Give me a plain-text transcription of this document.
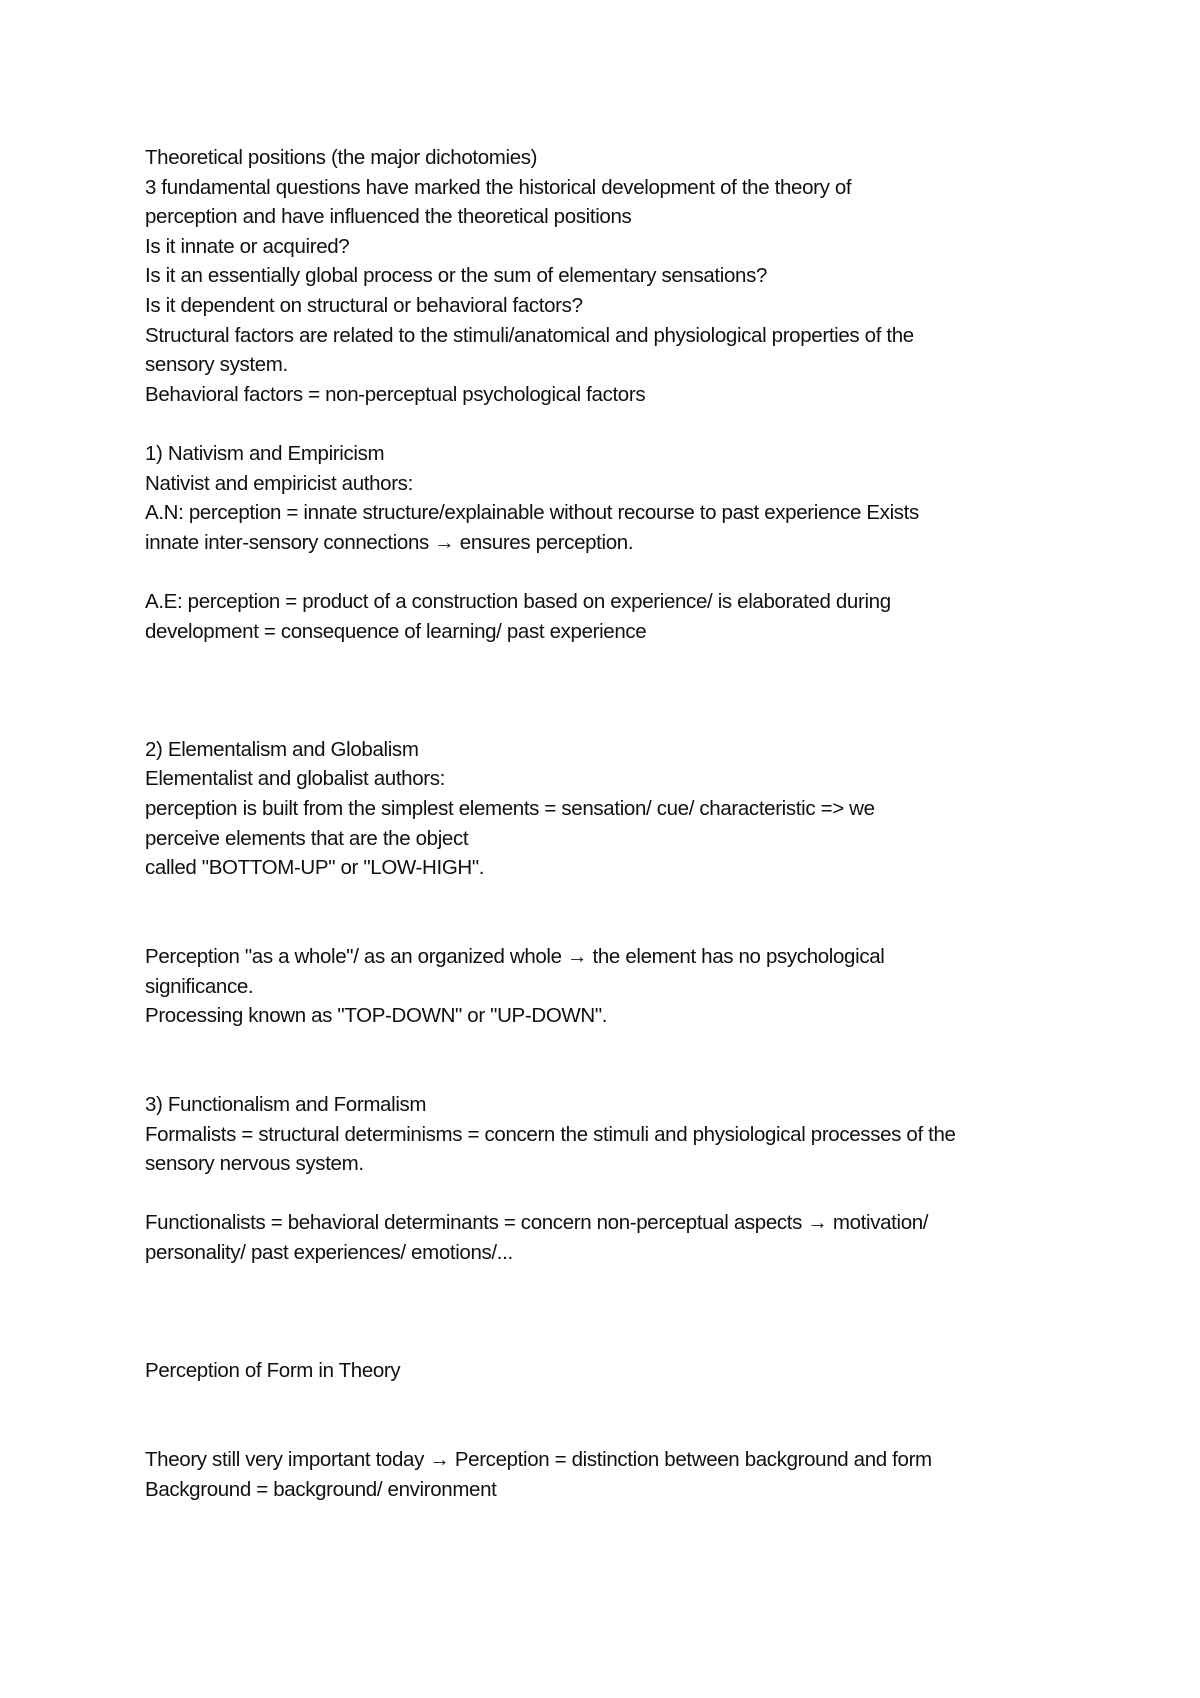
Theoretical positions (the major dichotomies)
3 fundamental questions have marked the historical development of the theory of
perception and have influenced the theoretical positions
Is it innate or acquired?
Is it an essentially global process or the sum of elementary sensations?
Is it dependent on structural or behavioral factors?
Structural factors are related to the stimuli/anatomical and physiological properties of the
sensory system.
Behavioral factors = non-perceptual psychological factors
1) Nativism and Empiricism
Nativist and empiricist authors:
A.N: perception = innate structure/explainable without recourse to past experience Exists
innate inter-sensory connections → ensures perception.
A.E: perception = product of a construction based on experience/ is elaborated during
development = consequence of learning/ past experience
2) Elementalism and Globalism
Elementalist and globalist authors:
perception is built from the simplest elements = sensation/ cue/ characteristic => we
perceive elements that are the object
called "BOTTOM-UP" or "LOW-HIGH".
Perception "as a whole"/ as an organized whole → the element has no psychological
significance.
Processing known as "TOP-DOWN" or "UP-DOWN".
3) Functionalism and Formalism
Formalists = structural determinisms = concern the stimuli and physiological processes of the
sensory nervous system.
Functionalists = behavioral determinants = concern non-perceptual aspects → motivation/
personality/ past experiences/ emotions/...
Perception of Form in Theory
Theory still very important today → Perception = distinction between background and form
Background = background/ environment
